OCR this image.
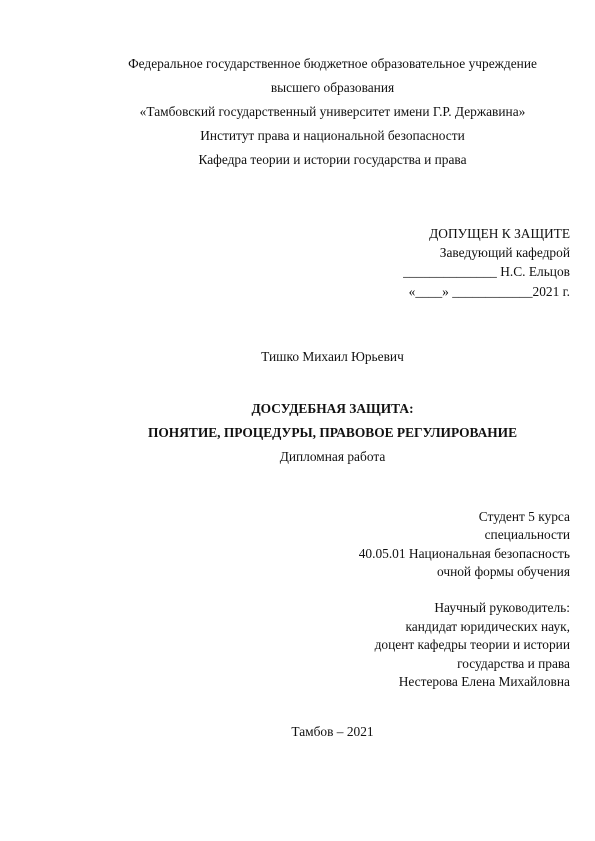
Федеральное государственное бюджетное образовательное учреждение
высшего образования
«Тамбовский государственный университет имени Г.Р. Державина»
Институт права и национальной безопасности
Кафедра теории и истории государства и права
ДОПУЩЕН К ЗАЩИТЕ
Заведующий кафедрой
______________ Н.С. Ельцов
«____» ____________2021 г.
Тишко Михаил Юрьевич
ДОСУДЕБНАЯ ЗАЩИТА:
ПОНЯТИЕ, ПРОЦЕДУРЫ, ПРАВОВОЕ РЕГУЛИРОВАНИЕ
Дипломная работа
Студент 5 курса
специальности
40.05.01 Национальная безопасность
очной формы обучения
Научный руководитель:
кандидат юридических наук,
доцент кафедры теории и истории
государства и права
Нестерова Елена Михайловна
Тамбов – 2021
